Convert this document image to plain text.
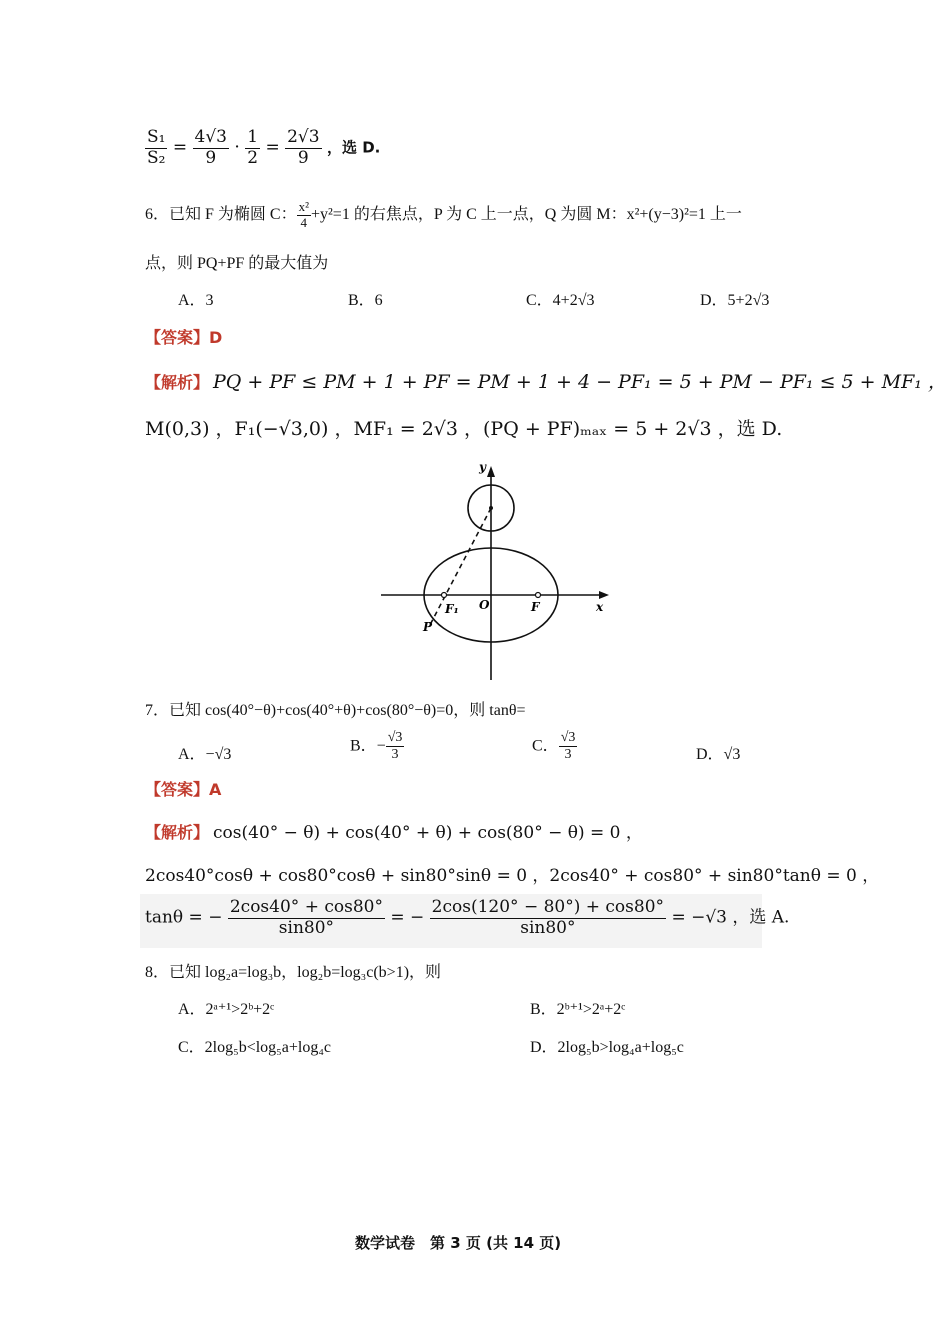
$\frac{\text{S₁}}{\text{S₂}} = \frac{4√3}{9} \cdot \frac{1}{2} = \frac{2√3}{9}$ ，选 D.
6．已知 F 为椭圆 C： $\frac{\text{x²}}{4} +y^2=1$ 的右焦点，P 为 C 上一点，Q 为圆 M：x²+(y−3)²=1 上一
点，则 PQ+PF 的最大值为
A．3	B．6	C．4+2√3	D．5+2√3
【答案】D
【解析】 PQ + PF ≤ PM + 1 + PF = PM + 1 + 4 − PF₁ = 5 + PM − PF₁ ≤ 5 + MF₁ ，
M(0,3) ，F₁(−√3,0) ，MF₁ = 2√3 ，(PQ + PF)ₘₐₓ = 5 + 2√3 ，选 D.
y
x
O	F
F₁
P
7．已知 cos(40°−θ)+cos(40°+θ)+cos(80°−θ)=0，则 tanθ=
A．−√3
B．− $\frac{√3}{3}$	C． $\frac{√3}{3}$	D．√3
【答案】A
【解析】 cos(40° − θ) + cos(40° + θ) + cos(80° − θ) = 0 ，
2cos40°cosθ + cos80°cosθ + sin80°sinθ = 0 ，2cos40° + cos80° + sin80°tanθ = 0 ，
tanθ = − $\frac{2\cos 40^\circ + \cos 80^\circ}{\sin 80^\circ}$ = − $\frac{2\cos(120^\circ - 80^\circ) + \cos 80^\circ}{\sin 80^\circ} = -√3$ ，选 A.
8．已知 log₂a=log₃b，log₂b=log₃c(b>1)，则
A．2ᵃ⁺¹>2ᵇ+2ᶜ	B．2ᵇ⁺¹>2ᵃ+2ᶜ
C．2log₅b<log₅a+log₄c	D．2log₅b>log₄a+log₅c
数学试卷　第 3 页 (共 14 页)
